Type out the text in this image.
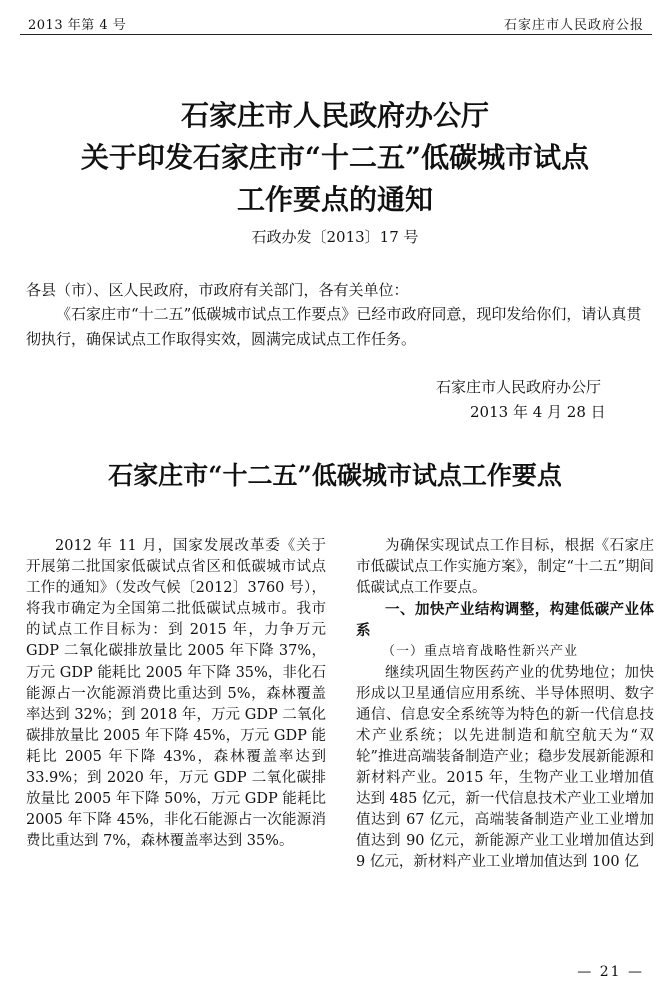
2013 年第 4 号	石家庄市人民政府公报
石家庄市人民政府办公厅
关于印发石家庄市“十二五”低碳城市试点
工作要点的通知
石政办发〔2013〕17 号
各县（市）、区人民政府，市政府有关部门，各有关单位：
《石家庄市“十二五”低碳城市试点工作要点》已经市政府同意，现印发给你们，请认真贯彻执行，确保试点工作取得实效，圆满完成试点工作任务。
石家庄市人民政府办公厅
2013 年 4 月 28 日
石家庄市“十二五”低碳城市试点工作要点
2012 年 11 月，国家发展改革委《关于开展第二批国家低碳试点省区和低碳城市试点工作的通知》（发改气候〔2012〕3760 号），将我市确定为全国第二批低碳试点城市。我市的试点工作目标为：到 2015 年，力争万元 GDP 二氧化碳排放量比 2005 年下降 37%，万元 GDP 能耗比 2005 年下降 35%，非化石能源占一次能源消费比重达到 5%，森林覆盖率达到 32%；到 2018 年，万元 GDP 二氧化碳排放量比 2005 年下降 45%，万元 GDP 能耗比 2005 年下降 43%，森林覆盖率达到 33.9%；到 2020 年，万元 GDP 二氧化碳排放量比 2005 年下降 50%，万元 GDP 能耗比 2005 年下降 45%，非化石能源占一次能源消费比重达到 7%，森林覆盖率达到 35%。
为确保实现试点工作目标，根据《石家庄市低碳试点工作实施方案》，制定“十二五”期间低碳试点工作要点。
一、加快产业结构调整，构建低碳产业体系
（一）重点培育战略性新兴产业
继续巩固生物医药产业的优势地位；加快形成以卫星通信应用系统、半导体照明、数字通信、信息安全系统等为特色的新一代信息技术产业系统；以先进制造和航空航天为“双轮”推进高端装备制造产业；稳步发展新能源和新材料产业。2015 年，生物产业工业增加值达到 485 亿元，新一代信息技术产业工业增加值达到 67 亿元，高端装备制造产业工业增加值达到 90 亿元，新能源产业工业增加值达到 9 亿元，新材料产业工业增加值达到 100 亿
— 21 —
